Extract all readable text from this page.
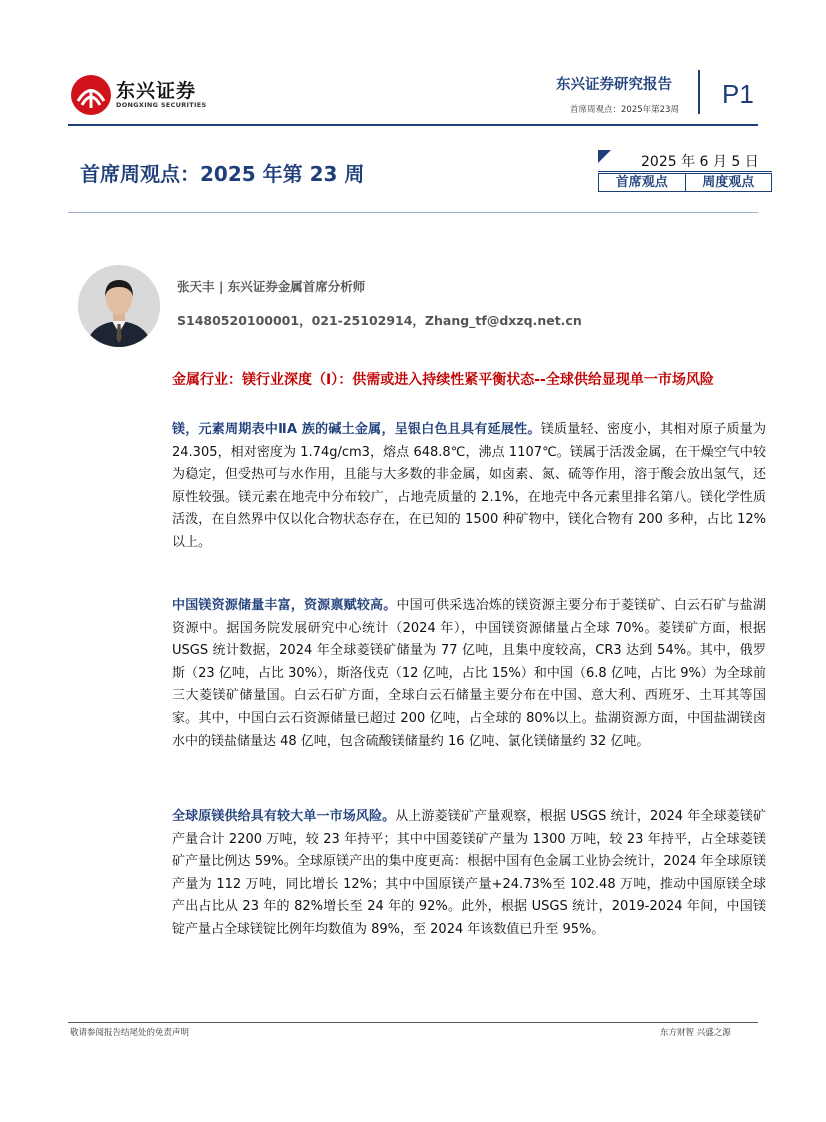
东兴证券
DONGXING SECURITIES
东兴证券研究报告
首席周观点：2025年第23周
P1
首席周观点：2025 年第 23 周	2025 年 6 月 5 日
首席观点	周度观点
张天丰 | 东兴证券金属首席分析师
S1480520100001，021-25102914，Zhang_tf@dxzq.net.cn
金属行业：镁行业深度（I）：供需或进入持续性紧平衡状态--全球供给显现单一市场风险
镁，元素周期表中ⅡA 族的碱土金属，呈银白色且具有延展性。镁质量轻、密度小，其相对原子质量为 24.305，相对密度为 1.74g/cm3，熔点 648.8℃，沸点 1107℃。镁属于活泼金属，在干燥空气中较为稳定，但受热可与水作用，且能与大多数的非金属，如卤素、氮、硫等作用，溶于酸会放出氢气，还原性较强。镁元素在地壳中分布较广，占地壳质量的 2.1%，在地壳中各元素里排名第八。镁化学性质活泼，在自然界中仅以化合物状态存在，在已知的 1500 种矿物中，镁化合物有 200 多种，占比 12%以上。
中国镁资源储量丰富，资源禀赋较高。中国可供采选冶炼的镁资源主要分布于菱镁矿、白云石矿与盐湖资源中。据国务院发展研究中心统计（2024 年），中国镁资源储量占全球 70%。菱镁矿方面，根据 USGS 统计数据，2024 年全球菱镁矿储量为 77 亿吨，且集中度较高，CR3 达到 54%。其中，俄罗斯（23 亿吨，占比 30%），斯洛伐克（12 亿吨，占比 15%）和中国（6.8 亿吨，占比 9%）为全球前三大菱镁矿储量国。白云石矿方面，全球白云石储量主要分布在中国、意大利、西班牙、土耳其等国家。其中，中国白云石资源储量已超过 200 亿吨，占全球的 80%以上。盐湖资源方面，中国盐湖镁卤水中的镁盐储量达 48 亿吨，包含硫酸镁储量约 16 亿吨、氯化镁储量约 32 亿吨。
全球原镁供给具有较大单一市场风险。从上游菱镁矿产量观察，根据 USGS 统计，2024 年全球菱镁矿产量合计 2200 万吨，较 23 年持平；其中中国菱镁矿产量为 1300 万吨，较 23 年持平，占全球菱镁矿产量比例达 59%。全球原镁产出的集中度更高：根据中国有色金属工业协会统计，2024 年全球原镁产量为 112 万吨，同比增长 12%；其中中国原镁产量+24.73%至 102.48 万吨，推动中国原镁全球产出占比从 23 年的 82%增长至 24 年的 92%。此外，根据 USGS 统计，2019-2024 年间，中国镁锭产量占全球镁锭比例年均数值为 89%，至 2024 年该数值已升至 95%。
敬请参阅报告结尾处的免责声明	东方财智 兴盛之源
